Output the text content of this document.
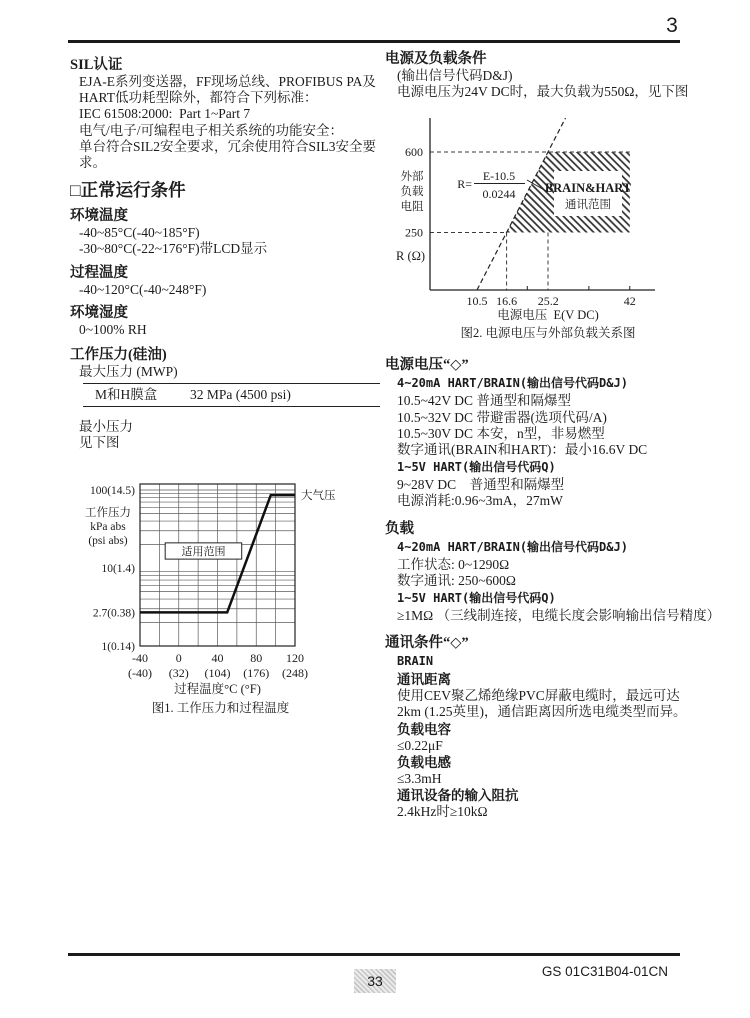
3

SIL认证

EJA-E系列变送器，FF现场总线、PROFIBUS PA及

HART低功耗型除外，都符合下列标准：

IEC 61508:2000: Part 1~Part 7

电气/电子/可编程电子相关系统的功能安全：

单台符合SIL2安全要求，冗余使用符合SIL3安全要求。

□正常运行条件

环境温度

-40~85°C(-40~185°F)

-30~80°C(-22~176°F)带LCD显示

过程温度

-40~120°C(-40~248°F)

环境湿度

0~100% RH

工作压力(硅油)

最大压力 (MWP)

M和H膜盒	32 MPa (4500 psi)

最小压力

见下图

大气压
适用范围
100(14.5)
10(1.4)
2.7(0.38)
1(0.14)
工作压力
kPa abs
(psi abs)
-40
(-40)
0
(32)
40
(104)
80
(176)
120
(248)
过程温度°C (°F)
图1. 工作压力和过程温度

电源及负载条件

(输出信号代码D&J)

电源电压为24V DC时，最大负载为550Ω，见下图

BRAIN&HART
通讯范围
600
250
外部
负载
电阻
R (Ω)
10.5 16.6 25.2	42
R=
E-10.5
0.0244
电源电压 E(V DC)
图2. 电源电压与外部负载关系图

电源电压“◇”

4~20mA HART/BRAIN(输出信号代码D&J)

10.5~42V DC 普通型和隔爆型

10.5~32V DC 带避雷器(选项代码/A)

10.5~30V DC 本安，n型，非易燃型

数字通讯(BRAIN和HART)：最小16.6V DC

1~5V HART(输出信号代码Q)

9~28V DC　普通型和隔爆型

电源消耗:0.96~3mA，27mW

负载

4~20mA HART/BRAIN(输出信号代码D&J)

工作状态: 0~1290Ω

数字通讯: 250~600Ω

1~5V HART(输出信号代码Q)

≥1MΩ （三线制连接，电缆长度会影响输出信号精度）

通讯条件“◇”

BRAIN

通讯距离

使用CEV聚乙烯绝缘PVC屏蔽电缆时，最远可达

2km (1.25英里)，通信距离因所选电缆类型而异。

负载电容

≤0.22μF

负载电感

≤3.3mH

通讯设备的输入阻抗

2.4kHz时≥10kΩ

GS 01C31B04-01CN
33
